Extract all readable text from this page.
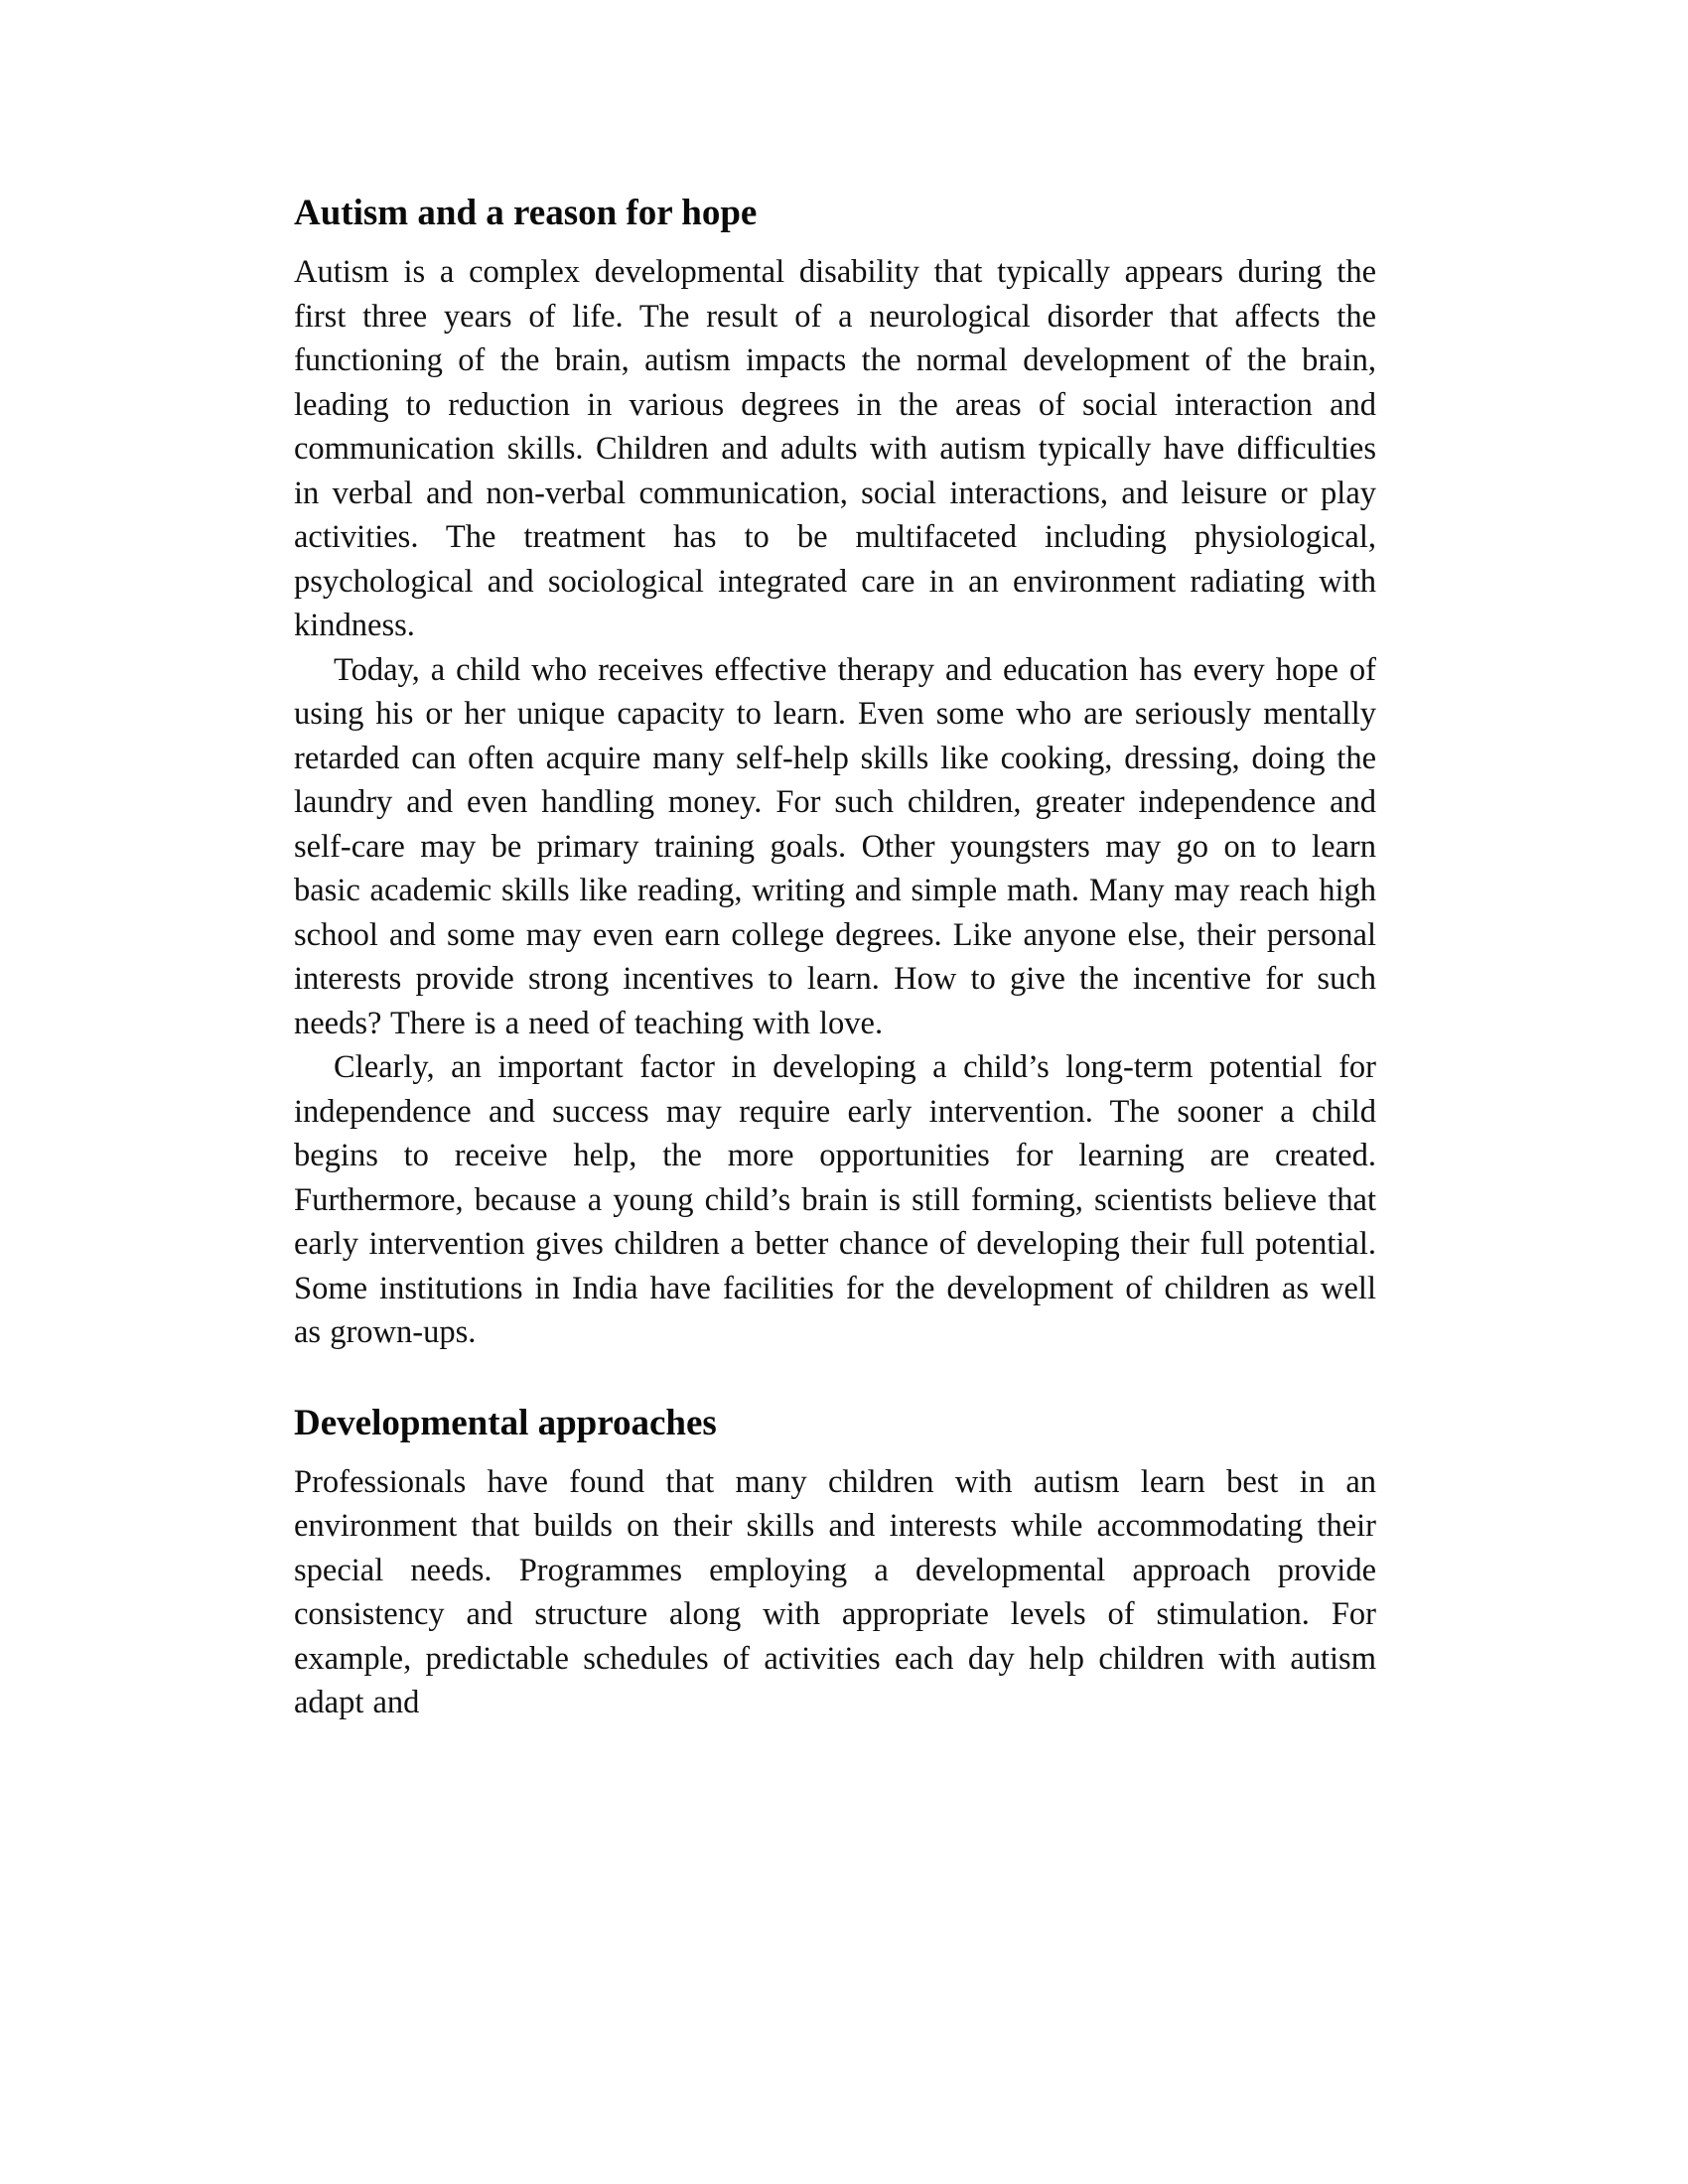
Autism and a reason for hope

Autism is a complex developmental disability that typically appears during the first three years of life. The result of a neurological disorder that affects the functioning of the brain, autism impacts the normal development of the brain, leading to reduction in various degrees in the areas of social interaction and communication skills. Children and adults with autism typically have difficulties in verbal and non-verbal communication, social interactions, and leisure or play activities. The treatment has to be multifaceted including physiological, psychological and sociological integrated care in an environment radiating with kindness.

Today, a child who receives effective therapy and education has every hope of using his or her unique capacity to learn. Even some who are seriously mentally retarded can often acquire many self-help skills like cooking, dressing, doing the laundry and even handling money. For such children, greater independence and self-care may be primary training goals. Other youngsters may go on to learn basic academic skills like reading, writing and simple math. Many may reach high school and some may even earn college degrees. Like anyone else, their personal interests provide strong incentives to learn. How to give the incentive for such needs? There is a need of teaching with love.

Clearly, an important factor in developing a child’s long-term potential for independence and success may require early intervention. The sooner a child begins to receive help, the more opportunities for learning are created. Furthermore, because a young child’s brain is still forming, scientists believe that early intervention gives children a better chance of developing their full potential. Some institutions in India have facilities for the development of children as well as grown-ups.

Developmental approaches

Professionals have found that many children with autism learn best in an environment that builds on their skills and interests while accommodating their special needs. Programmes employing a developmental approach provide consistency and structure along with appropriate levels of stimulation. For example, predictable schedules of activities each day help children with autism adapt and
